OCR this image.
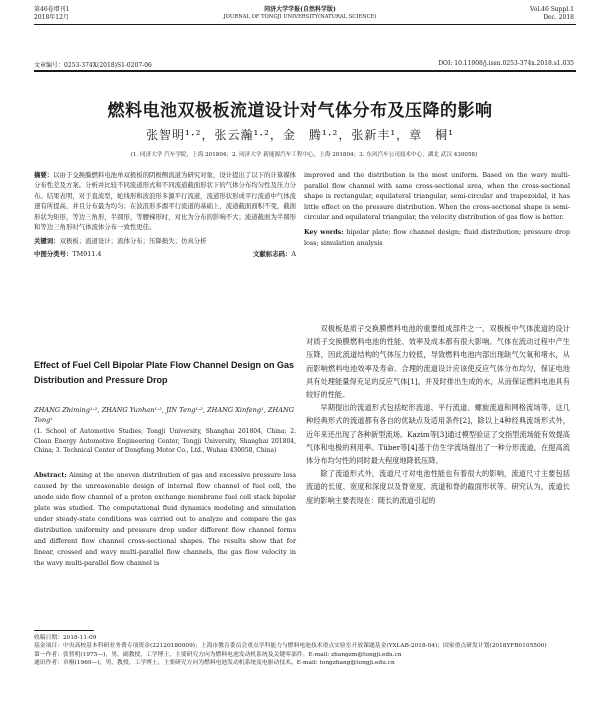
第46卷增刊1
2018年12月
同济大学学报(自然科学版)
JOURNAL OF TONGJI UNIVERSITY(NATURAL SCIENCE)
Vol.46 Suppl.1
Dec. 2018
文章编号：0253-374X(2018)S1-0207-06	DOI: 10.11908/j.issn.0253-374x.2018.s1.035
燃料电池双极板流道设计对气体分布及压降的影响
张智明¹·²，张云瀚¹·²，金　腾¹·²，张新丰¹，章　桐¹
(1. 同济大学 汽车学院，上海 201804；2. 同济大学 新能源汽车工程中心，上海 201804；3. 东风汽车公司技术中心，湖北 武汉 430058)

摘要：以由于交换膜燃料电池单双极板的阴极侧流道为研究对象，设计提出了以下的计算媒体分布性差及方案。分析并比较不同流道形式和不同流道截面形状下的气体分布均匀性及压力分布。结果表明，对于直流型，蛇线形和波浪形多源平行流道，流道形状形成平行流道中气体流速有所提高，并且分布最为均匀；在波浪形多源平行流道的基础上，流道截面面积不变，截面形状为矩形，等边三角形，半圆形，等腰梯形时，对比为分布的影响不大；流道截面为半圆形和等边三角形时气体流体分布一致性更佳。

关键词：双极板；流道设计；流体分布；压降损失；仿真分析

中图分类号：TM911.4	文献标志码：A

Effect of Fuel Cell Bipolar Plate Flow Channel Design on Gas Distribution and Pressure Drop
ZHANG Zhiming¹·², ZHANG Yunhan¹·², JIN Teng¹·², ZHANG Xinfeng¹, ZHANG Tong¹
(1. School of Automotive Studies, Tongji University, Shanghai 201804, China; 2. Clean Energy Automotive Engineering Center, Tongji University, Shanghai 201804, China; 3. Technical Center of Dongfeng Motor Co., Ltd., Wuhan 430058, China)

Abstract: Aiming at the uneven distribution of gas and excessive pressure loss caused by the unreasonable design of internal flow channel of fuel cell, the anode side flow channel of a proton exchange membrane fuel cell stack bipolar plate was studied. The computational fluid dynamics modeling and simulation under steady-state conditions was carried out to analyze and compare the gas distribution uniformity and pressure drop under different flow channel forms and different flow channel cross-sectional shapes. The results show that for linear, crossed and wavy multi-parallel flow channels, the gas flow velocity in the wavy multi-parallel flow channel is

improved and the distribution is the most uniform. Based on the wavy multi-parallel flow channel with same cross-sectional area, when the cross-sectional shape is rectangular, equilateral triangular, semi-circular and trapezoidal, it has little effect on the pressure distribution. When the cross-sectional shape is semi-circular and equilateral triangular, the velocity distribution of gas flow is better.

Key words: bipolar plate; flow channel design; fluid distribution; pressure drop loss; simulation analysis

双极板是质子交换膜燃料电池的重要组成部件之一，双极板中气体流道的设计对质子交换膜燃料电池的性能、效率及成本都有很大影响。气体在流动过程中产生压降，因此流道结构的气体压力较低，导致燃料电池内部出现缺气欠氧和堵水，从而影响燃料电池效率及寿命。合理的流道设计应该使反应气体分布均匀，保证电池具有处理能量得充足的反应气体[1]，并及时排出生成的水，从而保证燃料电池具有较好的性能。

早期提出的流道形式包括蛇形流道、平行流道、螺旋流道和网格流场等，这几种经典形式的流道都有各自的优缺点及适用条件[2]，除以上4种经典流场形式外，近年来还出现了各种新型流场。Kazim等[3]通过模型验证了交指型流场能有效提高气体和电极的利用率。Tüber等[4]基于仿生学流场提出了一种分形流道，在提高流体分布均匀性的同时最大程度地降低压降。

除了流道形式外，流道尺寸对电池性能也有着很大的影响，流道尺寸主要包括流道的长度、宽度和深度以及脊宽度、流道和脊的截面形状等。研究认为，流道长度的影响主要表现在：随长的流道引起的

收稿日期：2018-11-09
基金项目：中央高校基本科研业务费专项资金(22120180009)；上海市教育委员会重点学科能力与燃料电池技术重点实验室开放课题基金(YXLAB-2018-04)；国家重点研发计划(2018YFB0105500)
第一作者：张智明(1975—)，男，副教授，工学博士，主要研究方向为燃料电池发动机系统及关键零部件。E-mail: zhangzm@tongji.edu.cn
通讯作者：章桐(1969—)，男，教授，工学博士，主要研究方向为燃料电池发动机系统及电驱动技术。E-mail: tongzhang@tongji.edu.cn
